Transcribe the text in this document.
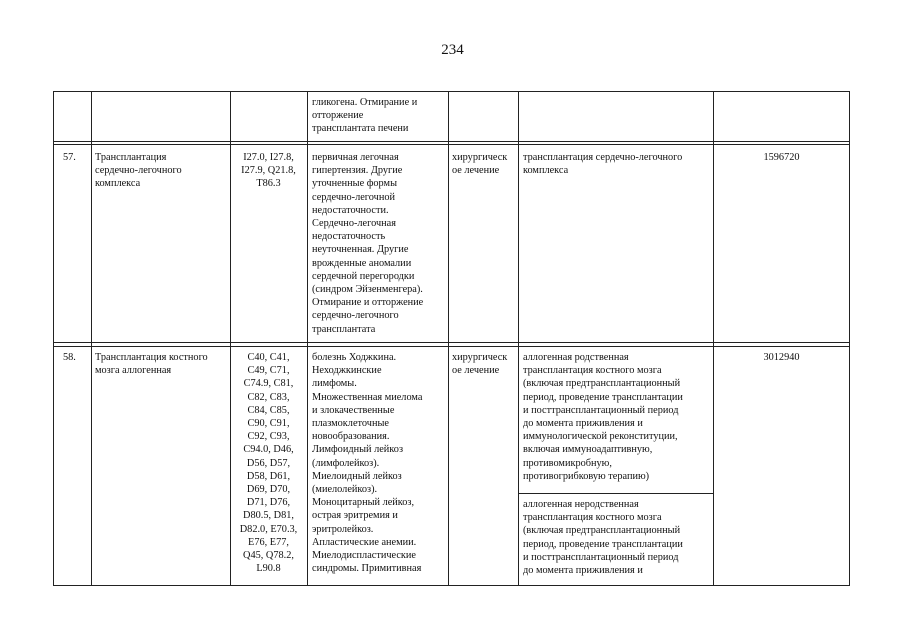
234
гликогена. Отмирание и
отторжение
трансплантата печени
57.	Трансплантация
сердечно-легочного
комплекса
I27.0, I27.8,
I27.9, Q21.8,
T86.3
первичная легочная
гипертензия. Другие
уточненные формы
сердечно-легочной
недостаточности.
Сердечно-легочная
недостаточность
неуточненная. Другие
врожденные аномалии
сердечной перегородки
(синдром Эйзенменгера).
Отмирание и отторжение
сердечно-легочного
трансплантата
хирургическ
ое лечение
трансплантация сердечно-легочного
комплекса
1596720
58.	Трансплантация костного
мозга аллогенная
C40, C41,
C49, C71,
C74.9, C81,
C82, C83,
C84, C85,
C90, C91,
C92, C93,
C94.0, D46,
D56, D57,
D58, D61,
D69, D70,
D71, D76,
D80.5, D81,
D82.0, E70.3,
E76, E77,
Q45, Q78.2,
L90.8
болезнь Ходжкина.
Неходжкинские
лимфомы.
Множественная миелома
и злокачественные
плазмоклеточные
новообразования.
Лимфоидный лейкоз
(лимфолейкоз).
Миелоидный лейкоз
(миелолейкоз).
Моноцитарный лейкоз,
острая эритремия и
эритролейкоз.
Апластические анемии.
Миелодиспластические
синдромы. Примитивная
хирургическ
ое лечение
аллогенная родственная
трансплантация костного мозга
(включая предтрансплантационный
период, проведение трансплантации
и посттрансплантационный период
до момента приживления и
иммунологической реконституции,
включая иммуноадаптивную,
противомикробную,
противогрибковую терапию)
аллогенная неродственная
трансплантация костного мозга
(включая предтрансплантационный
период, проведение трансплантации
и посттрансплантационный период
до момента приживления и
3012940
